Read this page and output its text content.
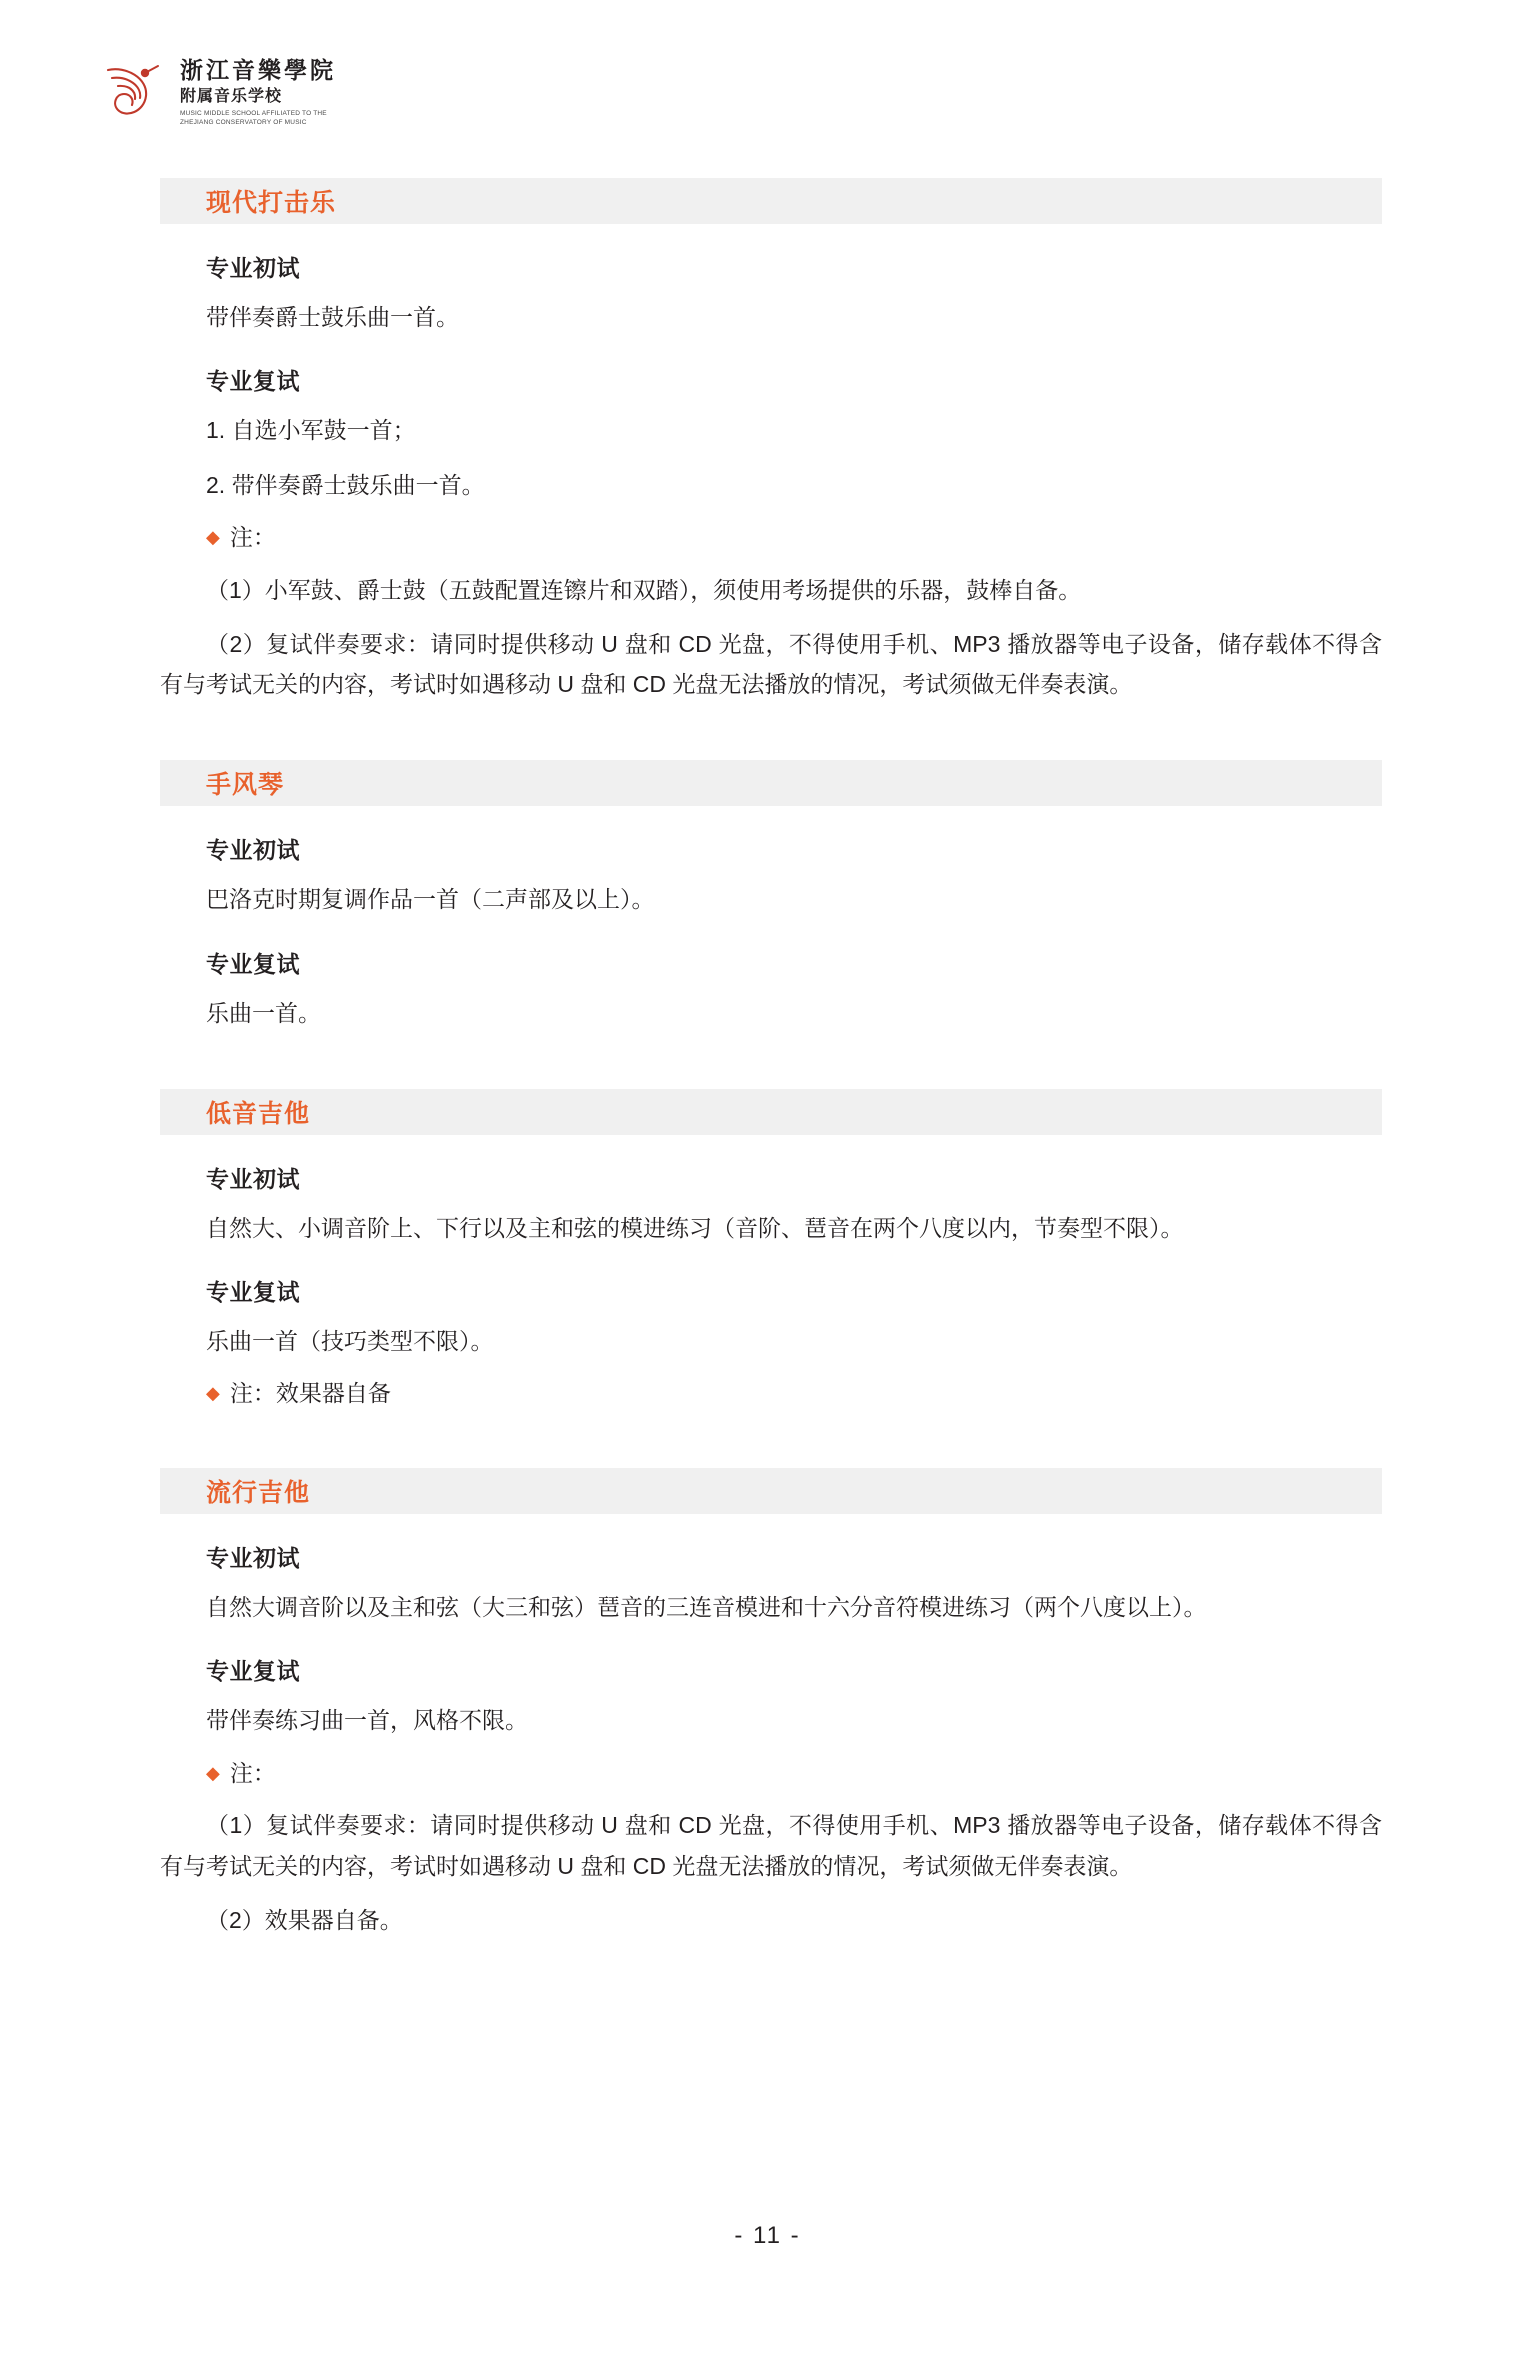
浙江音樂學院
附属音乐学校
MUSIC MIDDLE SCHOOL AFFILIATED TO THE
ZHEJIANG CONSERVATORY OF MUSIC
现代打击乐
专业初试
带伴奏爵士鼓乐曲一首。
专业复试
1. 自选小军鼓一首；
2. 带伴奏爵士鼓乐曲一首。
◆ 注：
（1）小军鼓、爵士鼓（五鼓配置连镲片和双踏），须使用考场提供的乐器，鼓棒自备。
（2）复试伴奏要求：请同时提供移动 U 盘和 CD 光盘，不得使用手机、MP3 播放器等电子设备，储存载体不得含有与考试无关的内容，考试时如遇移动 U 盘和 CD 光盘无法播放的情况，考试须做无伴奏表演。
手风琴
专业初试
巴洛克时期复调作品一首（二声部及以上）。
专业复试
乐曲一首。
低音吉他
专业初试
自然大、小调音阶上、下行以及主和弦的模进练习（音阶、琶音在两个八度以内，节奏型不限）。
专业复试
乐曲一首（技巧类型不限）。
◆ 注：效果器自备
流行吉他
专业初试
自然大调音阶以及主和弦（大三和弦）琶音的三连音模进和十六分音符模进练习（两个八度以上）。
专业复试
带伴奏练习曲一首，风格不限。
◆ 注：
（1）复试伴奏要求：请同时提供移动 U 盘和 CD 光盘，不得使用手机、MP3 播放器等电子设备，储存载体不得含有与考试无关的内容，考试时如遇移动 U 盘和 CD 光盘无法播放的情况，考试须做无伴奏表演。
（2）效果器自备。
- 11 -
